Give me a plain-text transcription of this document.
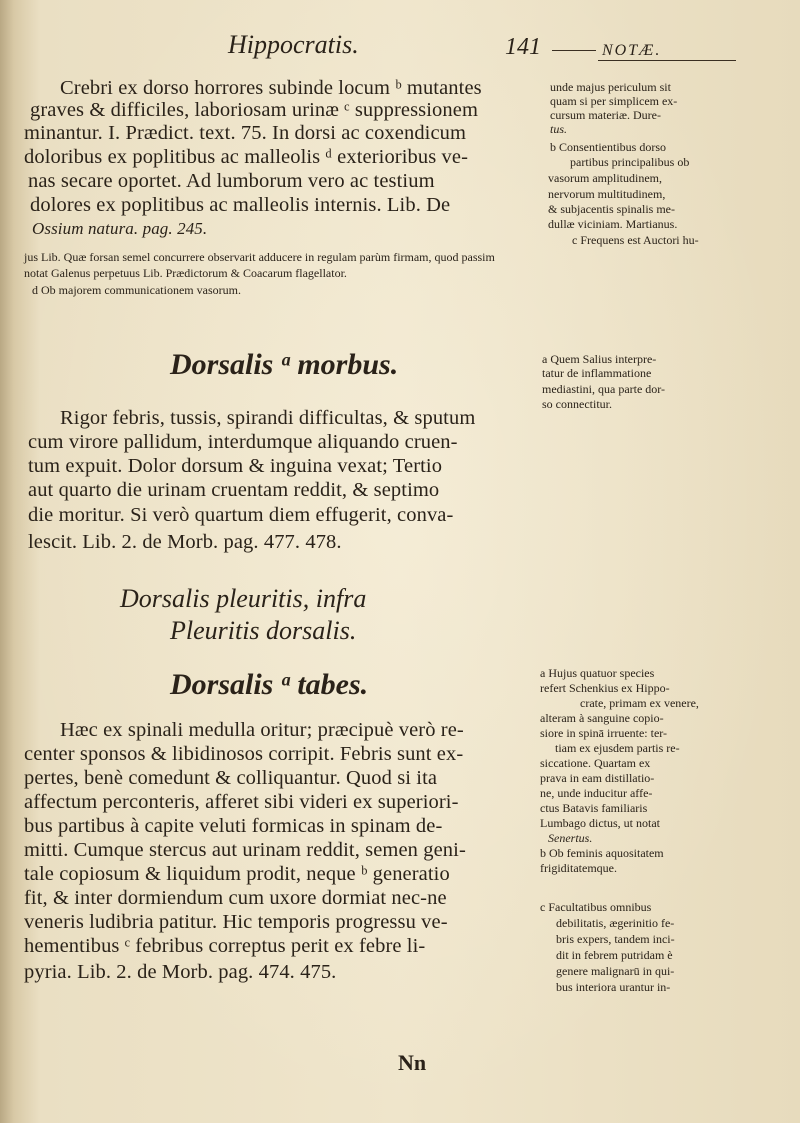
Hippocratis.	141	NOTÆ.
Crebri ex dorso horrores subinde locum ᵇ mutantes
graves & difficiles, laboriosam urinæ ᶜ suppressionem
minantur. I. Prædict. text. 75. In dorsi ac coxendicum
doloribus ex poplitibus ac malleolis ᵈ exterioribus ve-
nas secare oportet. Ad lumborum vero ac testium
dolores ex poplitibus ac malleolis internis. Lib. De
Ossium natura. pag. 245.
unde majus periculum sit
quam si per simplicem ex-
cursum materiæ. Dure-
tus.
b Consentientibus dorso
partibus principalibus ob
vasorum amplitudinem,
nervorum multitudinem,
& subjacentis spinalis me-
dullæ viciniam. Martianus.
c Frequens est Auctori hu-
jus Lib. Quæ forsan semel concurrere observarit adducere in regulam parùm firmam, quod passim
notat Galenus perpetuus Lib. Prædictorum & Coacarum flagellator.
d Ob majorem communicationem vasorum.
Dorsalis ᵃ morbus.	a Quem Salius interpre-
tatur de inflammatione
mediastini, qua parte dor-
so connectitur.
Rigor febris, tussis, spirandi difficultas, & sputum
cum virore pallidum, interdumque aliquando cruen-
tum expuit. Dolor dorsum & inguina vexat; Tertio
aut quarto die urinam cruentam reddit, & septimo
die moritur. Si verò quartum diem effugerit, conva-
lescit. Lib. 2. de Morb. pag. 477. 478.
Dorsalis pleuritis, infra
Pleuritis dorsalis.
Dorsalis ᵃ tabes.	a Hujus quatuor species
refert Schenkius ex Hippo-
crate, primam ex venere,
alteram à sanguine copio-
siore in spinā irruente: ter-
tiam ex ejusdem partis re-
siccatione. Quartam ex
prava in eam distillatio-
ne, unde inducitur affe-
ctus Batavis familiaris
Lumbago dictus, ut notat
Senertus.
b Ob feminis aquositatem
frigiditatemque.
c Facultatibus omnibus
debilitatis, ægerinitio fe-
bris expers, tandem inci-
dit in febrem putridam è
genere malignarū in qui-
bus interiora urantur in-
Hæc ex spinali medulla oritur; præcipuè verò re-
center sponsos & libidinosos corripit. Febris sunt ex-
pertes, benè comedunt & colliquantur. Quod si ita
affectum perconteris, afferet sibi videri ex superiori-
bus partibus à capite veluti formicas in spinam de-
mitti. Cumque stercus aut urinam reddit, semen geni-
tale copiosum & liquidum prodit, neque ᵇ generatio
fit, & inter dormiendum cum uxore dormiat nec-ne
veneris ludibria patitur. Hic temporis progressu ve-
hementibus ᶜ febribus correptus perit ex febre li-
pyria. Lib. 2. de Morb. pag. 474. 475.
Nn
